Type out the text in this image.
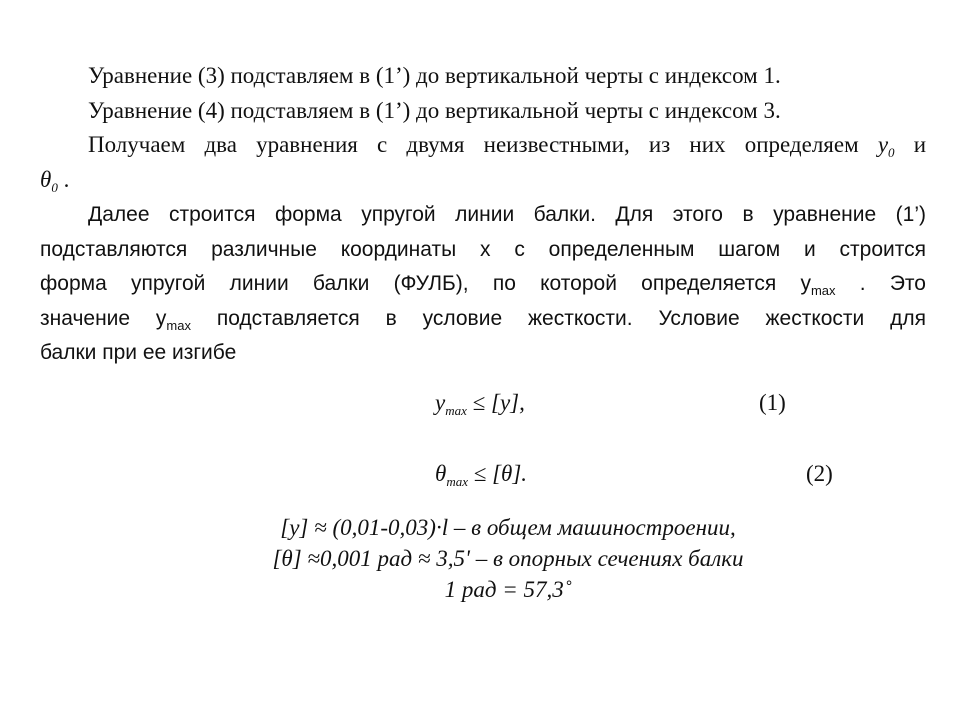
Уравнение (3) подставляем в (1’) до вертикальной черты с индексом 1.
Уравнение (4) подставляем в (1’) до вертикальной черты с индексом 3.
Получаем два уравнения с двумя неизвестными, из них определяем $y_0$ и
$\theta_0$ .
Далее строится форма упругой линии балки. Для этого в уравнение (1’)
подставляются различные координаты х с определенным шагом и строится
форма упругой линии балки (ФУЛБ), по которой определяется $y_{max}$ . Это
значение $y_{max}$ подставляется в условие жесткости. Условие жесткости для
балки при ее изгибе
$y_{max} \le [y]$,	(1)
$\theta_{max} \le [\theta]$.	(2)
[y] ≈ (0,01-0,03)·l – в общем машиностроении,
[θ] ≈0,001 рад ≈ 3,5' – в опорных сечениях балки
1 рад = 57,3˚
